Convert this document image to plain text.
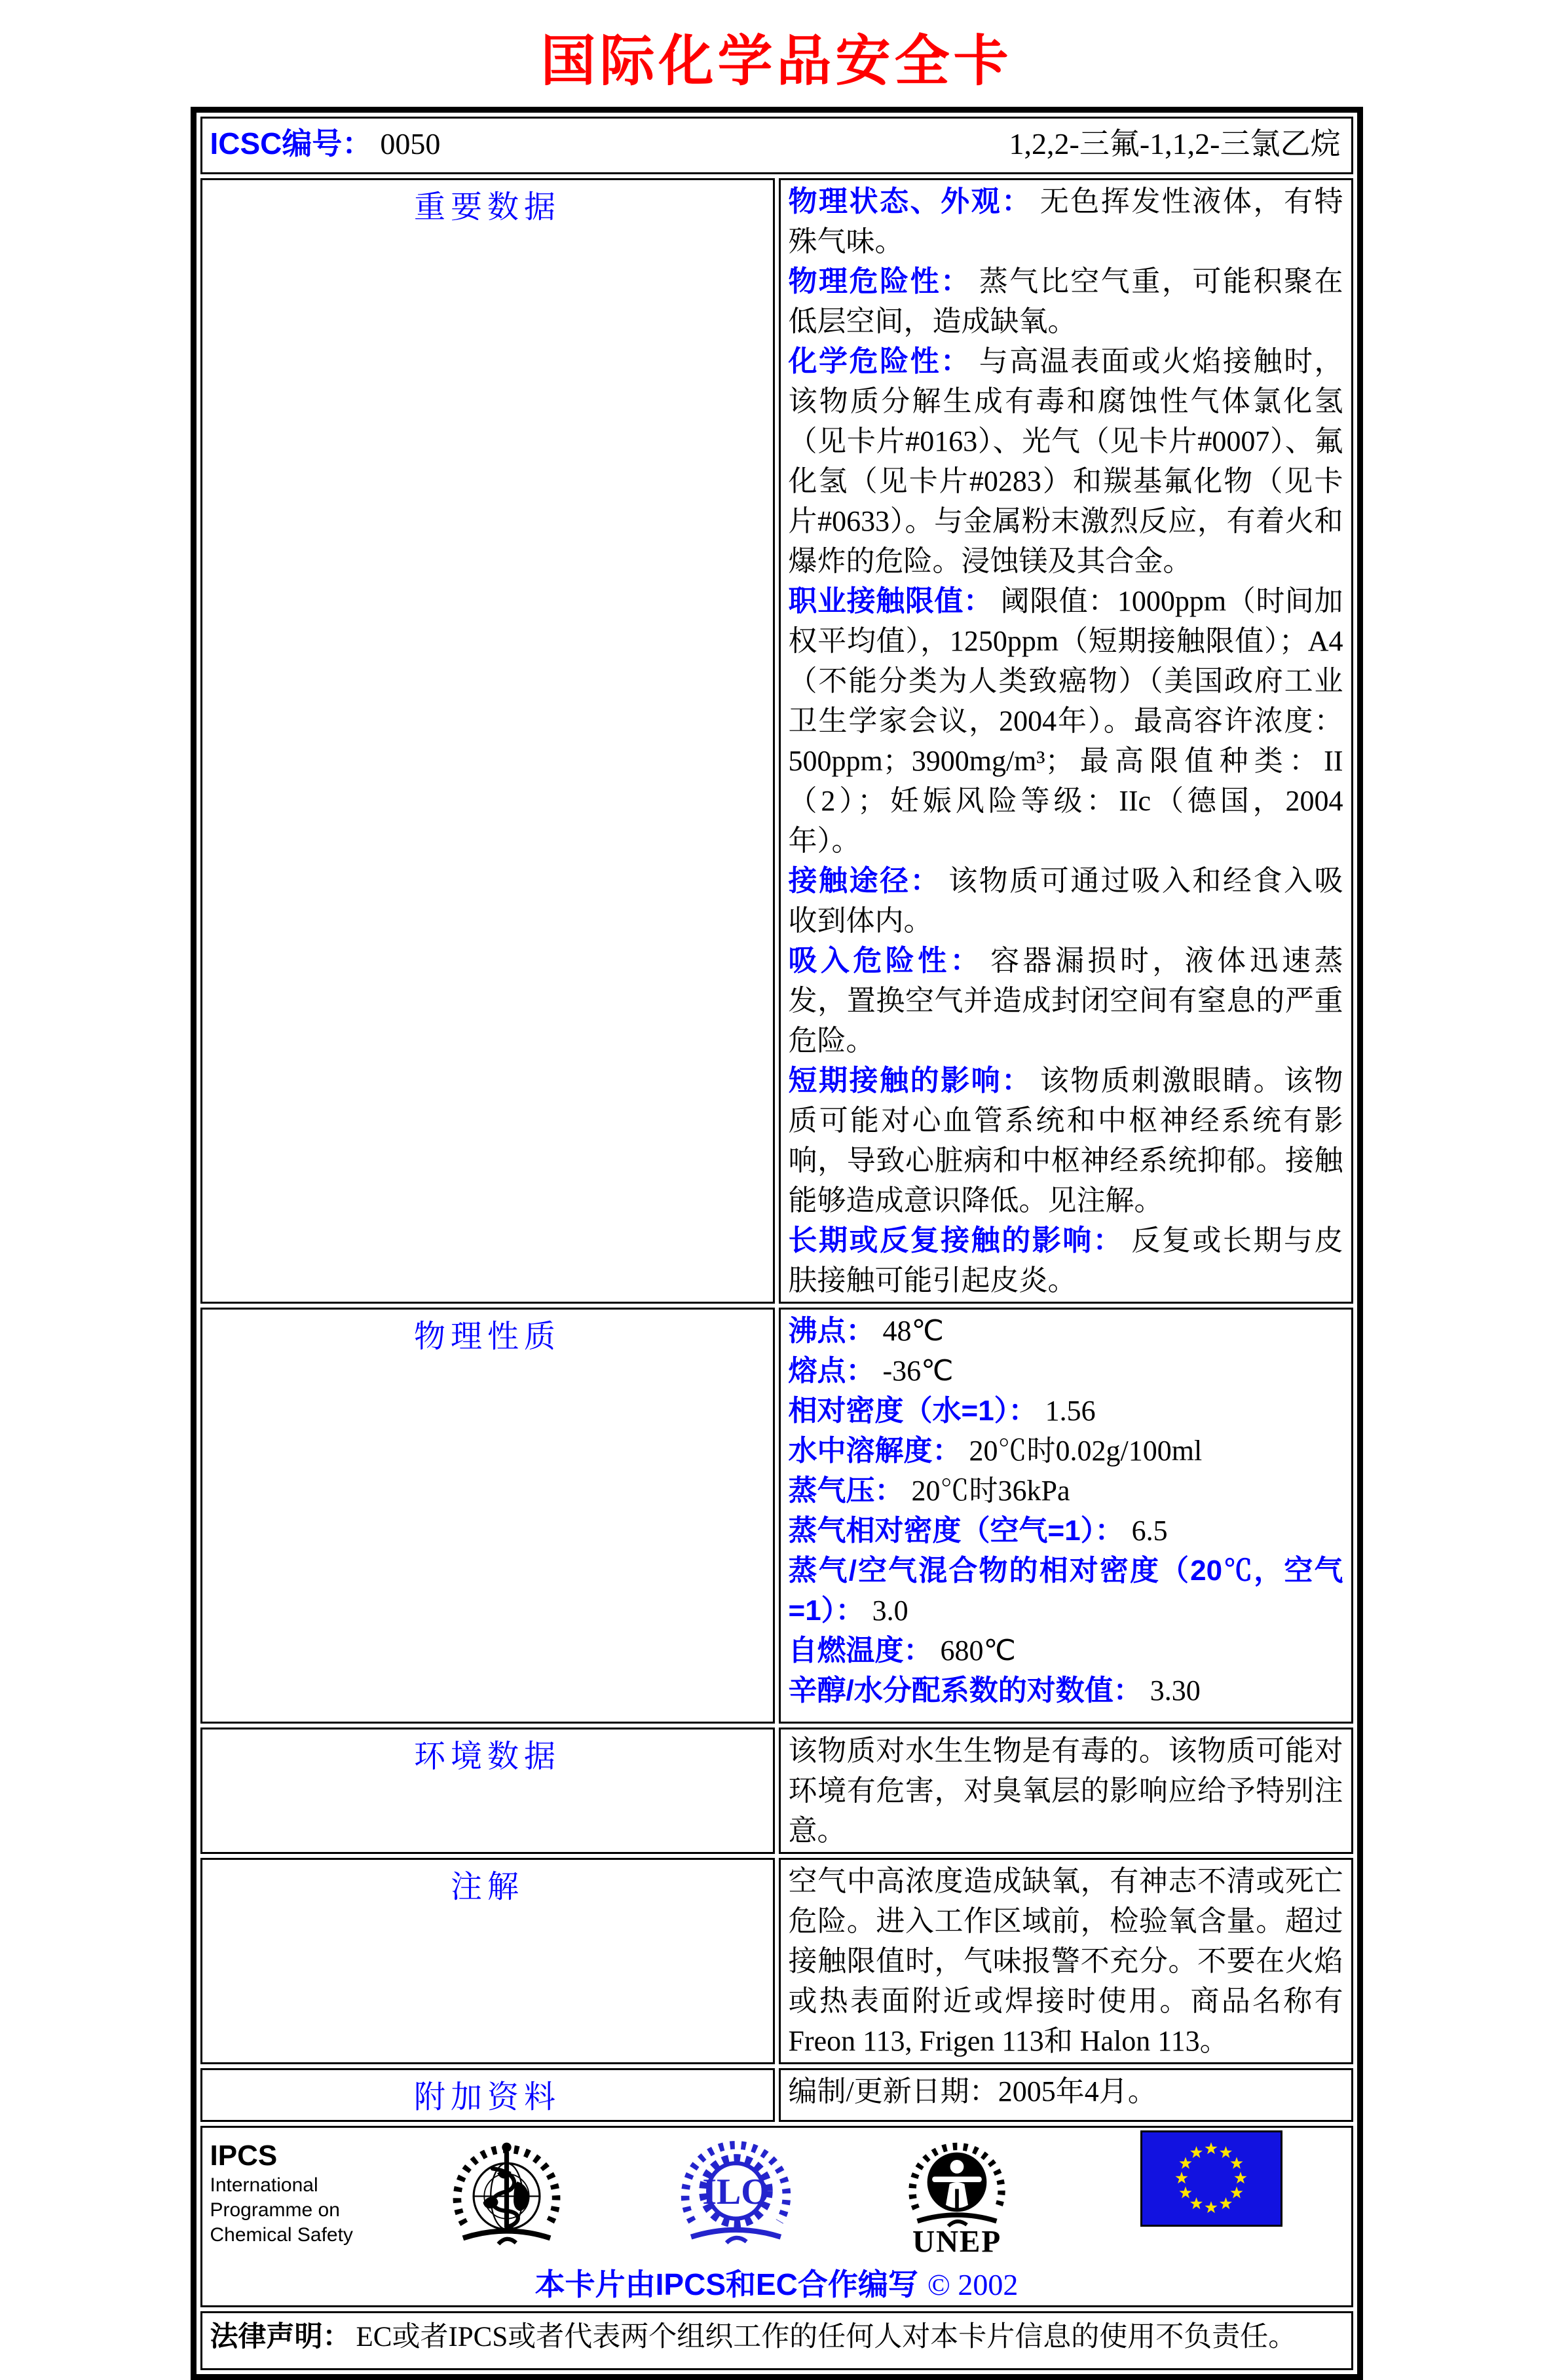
国际化学品安全卡
ICSC编号： 0050 1,2,2-三氟-1,1,2-三氯乙烷	

重要数据	物理状态、外观： 无色挥发性液体，有特殊气味。

物理危险性： 蒸气比空气重，可能积聚在低层空间，造成缺氧。

化学危险性： 与高温表面或火焰接触时，该物质分解生成有毒和腐蚀性气体氯化氢（见卡片#0163）、光气（见卡片#0007）、氟化氢（见卡片#0283）和羰基氟化物（见卡片#0633）。与金属粉末激烈反应，有着火和爆炸的危险。浸蚀镁及其合金。

职业接触限值： 阈限值：1000ppm（时间加权平均值），1250ppm（短期接触限值）；A4（不能分类为人类致癌物）（美国政府工业卫生学家会议，2004年）。最高容许浓度：500ppm；3900mg/m³；最高限值种类：II（2）；妊娠风险等级：IIc（德国，2004年）。

接触途径： 该物质可通过吸入和经食入吸收到体内。

吸入危险性： 容器漏损时，液体迅速蒸发，置换空气并造成封闭空间有窒息的严重危险。

短期接触的影响： 该物质刺激眼睛。该物质可能对心血管系统和中枢神经系统有影响，导致心脏病和中枢神经系统抑郁。接触能够造成意识降低。见注解。

长期或反复接触的影响： 反复或长期与皮肤接触可能引起皮炎。

物理性质	沸点： 48℃

熔点： -36℃

相对密度（水=1）： 1.56

水中溶解度： 20℃时0.02g/100ml

蒸气压： 20℃时36kPa

蒸气相对密度（空气=1）： 6.5

蒸气/空气混合物的相对密度（20℃，空气=1）： 3.0

自燃温度： 680℃

辛醇/水分配系数的对数值： 3.30

环境数据	该物质对水生生物是有毒的。该物质可能对环境有危害，对臭氧层的影响应给予特别注意。

注解	空气中高浓度造成缺氧，有神志不清或死亡危险。进入工作区域前，检验氧含量。超过接触限值时，气味报警不充分。不要在火焰或热表面附近或焊接时使用。商品名称有Freon 113, Frigen 113和 Halon 113。

附加资料	编制/更新日期：2005年4月。

IPCS
International
Programme on
Chemical Safety
ILO
UNEP
本卡片由IPCS和EC合作编写 © 2002

法律声明： EC或者IPCS或者代表两个组织工作的任何人对本卡片信息的使用不负责任。	
